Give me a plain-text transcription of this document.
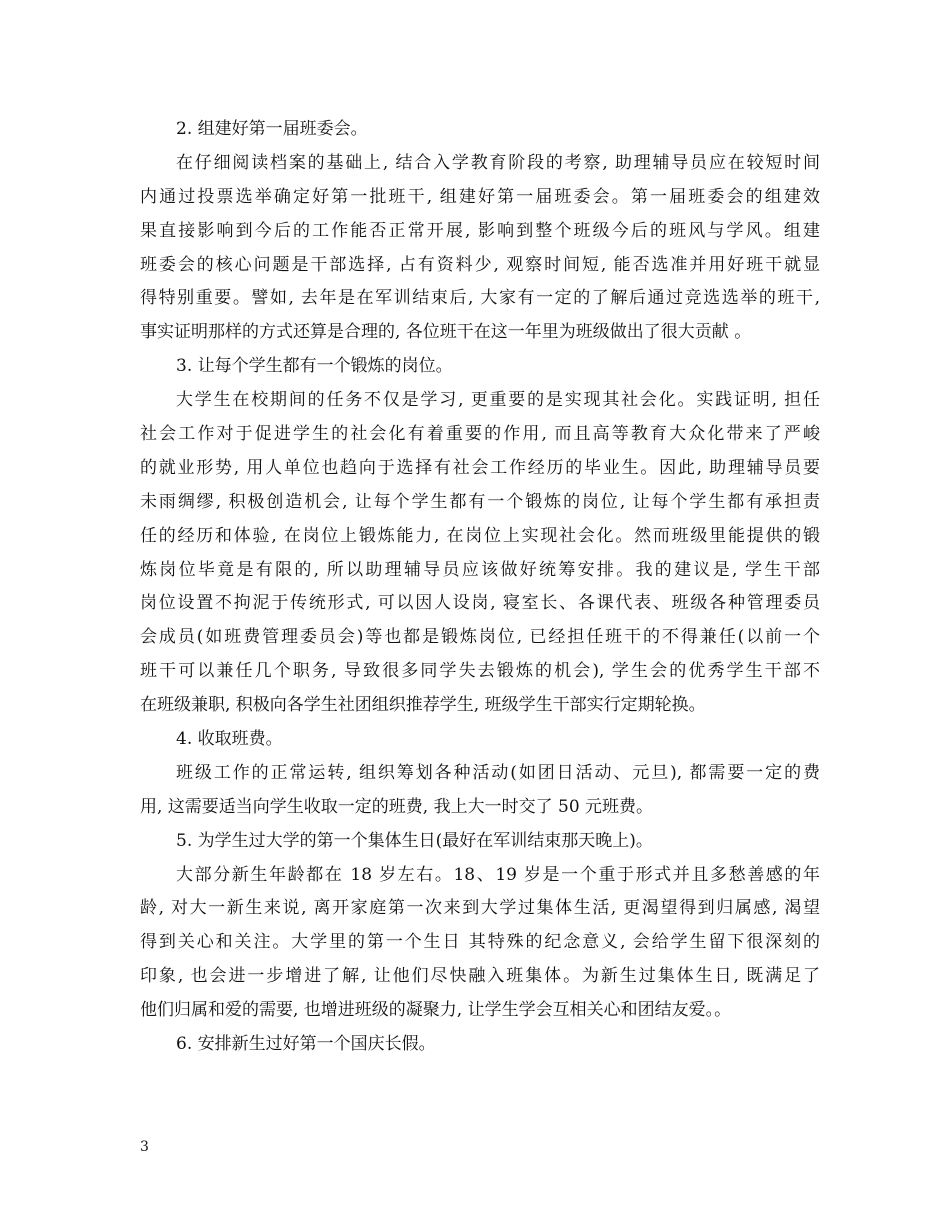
2. 组建好第一届班委会。
在仔细阅读档案的基础上, 结合入学教育阶段的考察, 助理辅导员应在较短时间
内通过投票选举确定好第一批班干, 组建好第一届班委会。第一届班委会的组建效
果直接影响到今后的工作能否正常开展, 影响到整个班级今后的班风与学风。组建
班委会的核心问题是干部选择, 占有资料少, 观察时间短, 能否选准并用好班干就显
得特别重要。譬如, 去年是在军训结束后, 大家有一定的了解后通过竞选选举的班干,
事实证明那样的方式还算是合理的, 各位班干在这一年里为班级做出了很大贡献 。
3. 让每个学生都有一个锻炼的岗位。
大学生在校期间的任务不仅是学习, 更重要的是实现其社会化。实践证明, 担任
社会工作对于促进学生的社会化有着重要的作用, 而且高等教育大众化带来了严峻
的就业形势, 用人单位也趋向于选择有社会工作经历的毕业生。因此, 助理辅导员要
未雨绸缪, 积极创造机会, 让每个学生都有一个锻炼的岗位, 让每个学生都有承担责
任的经历和体验, 在岗位上锻炼能力, 在岗位上实现社会化。然而班级里能提供的锻
炼岗位毕竟是有限的, 所以助理辅导员应该做好统筹安排。我的建议是, 学生干部
岗位设置不拘泥于传统形式, 可以因人设岗, 寝室长、各课代表、班级各种管理委员
会成员(如班费管理委员会)等也都是锻炼岗位, 已经担任班干的不得兼任(以前一个
班干可以兼任几个职务, 导致很多同学失去锻炼的机会), 学生会的优秀学生干部不
在班级兼职, 积极向各学生社团组织推荐学生, 班级学生干部实行定期轮换。
4. 收取班费。
班级工作的正常运转, 组织筹划各种活动(如团日活动、元旦), 都需要一定的费
用, 这需要适当向学生收取一定的班费, 我上大一时交了 50 元班费。
5. 为学生过大学的第一个集体生日(最好在军训结束那天晚上)。
大部分新生年龄都在 18 岁左右。18、19 岁是一个重于形式并且多愁善感的年
龄, 对大一新生来说, 离开家庭第一次来到大学过集体生活, 更渴望得到归属感, 渴望
得到关心和关注。大学里的第一个生日 其特殊的纪念意义, 会给学生留下很深刻的
印象, 也会进一步增进了解, 让他们尽快融入班集体。为新生过集体生日, 既满足了
他们归属和爱的需要, 也增进班级的凝聚力, 让学生学会互相关心和团结友爱。。
6. 安排新生过好第一个国庆长假。
3
